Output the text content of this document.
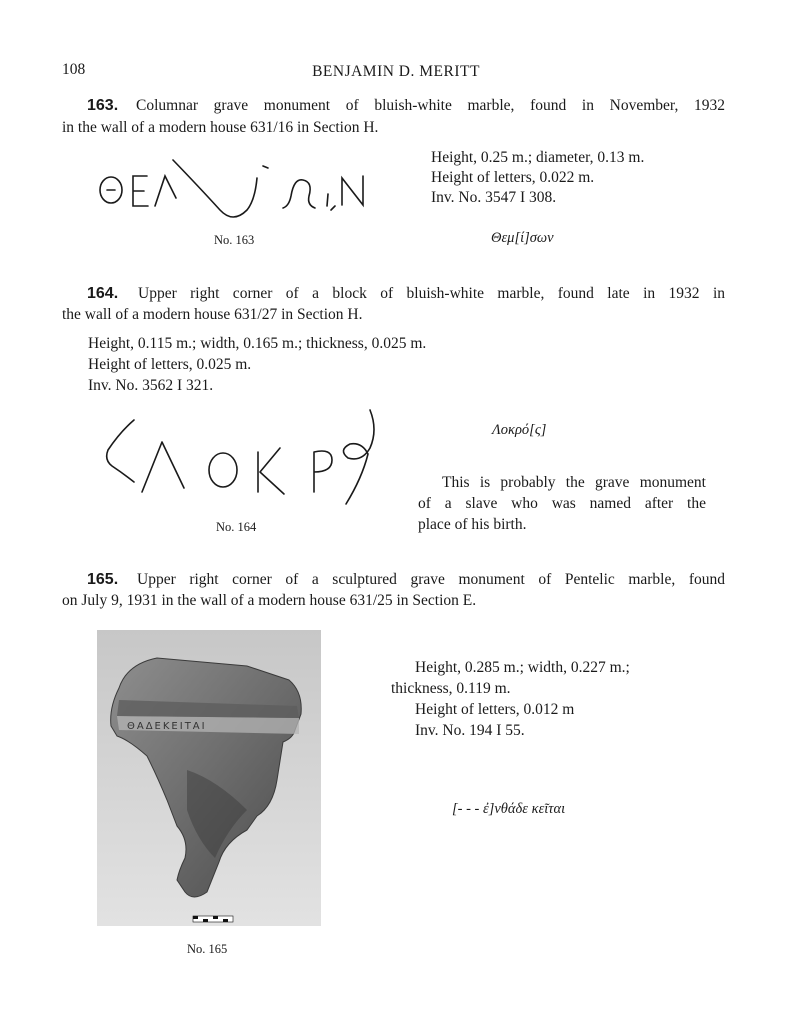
108	BENJAMIN D. MERITT
163. Columnar grave monument of bluish-white marble, found in November, 1932
in the wall of a modern house 631/16 in Section H.
No. 163
Height, 0.25 m.; diameter, 0.13 m.
Height of letters, 0.022 m.
Inv. No. 3547 I 308.
Θεμ[ί]σων
164. Upper right corner of a block of bluish-white marble, found late in 1932 in
the wall of a modern house 631/27 in Section H.
Height, 0.115 m.; width, 0.165 m.; thickness, 0.025 m.
Height of letters, 0.025 m.
Inv. No. 3562 I 321.
No. 164
Λοκρό[ς]
This is probably the grave monument
of a slave who was named after the
place of his birth.
165. Upper right corner of a sculptured grave monument of Pentelic marble, found
on July 9, 1931 in the wall of a modern house 631/25 in Section E.
ΘΑΔΕΚΕΙΤΑΙ
No. 165
Height, 0.285 m.; width, 0.227 m.;
thickness, 0.119 m.
Height of letters, 0.012 m
Inv. No. 194 I 55.
[- - - ἐ]νθάδε κεῖται
